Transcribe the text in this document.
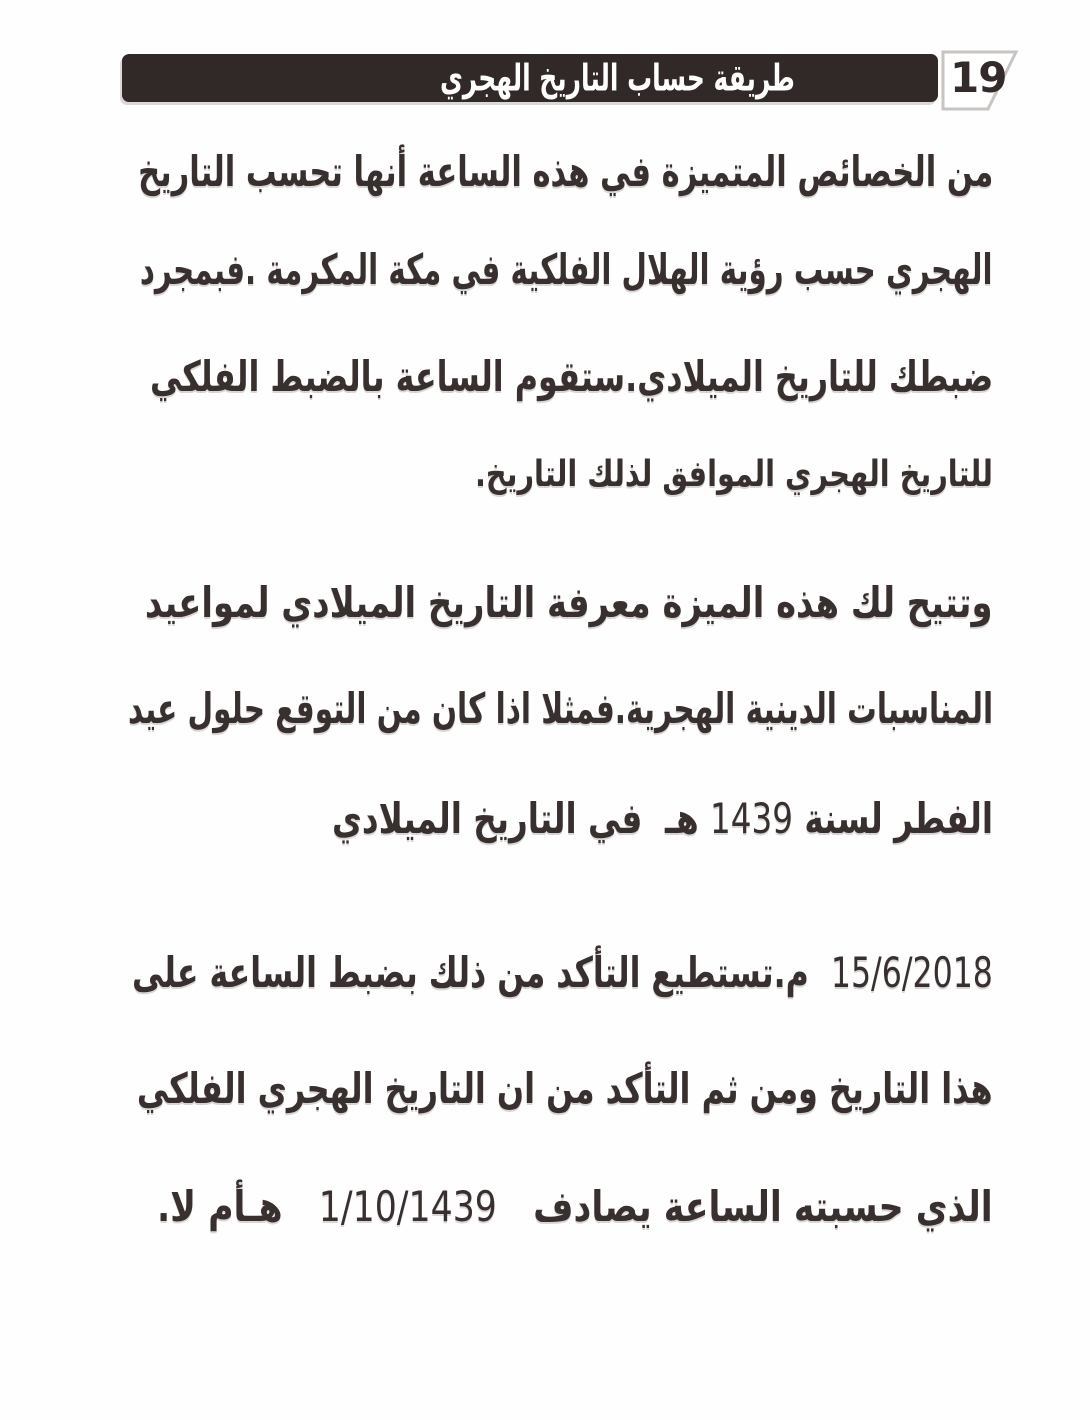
طريقة حساب التاريخ الهجري	19
من الخصائص المتميزة في هذه الساعة أنها تحسب التاريخ
الهجري حسب رؤية الهلال الفلكية في مكة المكرمة .فبمجرد
ضبطك للتاريخ الميلادي.ستقوم الساعة بالضبط الفلكي
للتاريخ الهجري الموافق لذلك التاريخ.
وتتيح لك هذه الميزة معرفة التاريخ الميلادي لمواعيد
المناسبات الدينية الهجرية.فمثلا اذا كان من التوقع حلول عيد
الفطر لسنة 1439 هـ  في التاريخ الميلادي
15/6/2018  م.تستطيع التأكد من ذلك بضبط الساعة على
هذا التاريخ ومن ثم التأكد من ان التاريخ الهجري الفلكي
الذي حسبته الساعة يصادف   1/10/1439   هـأم لا.
